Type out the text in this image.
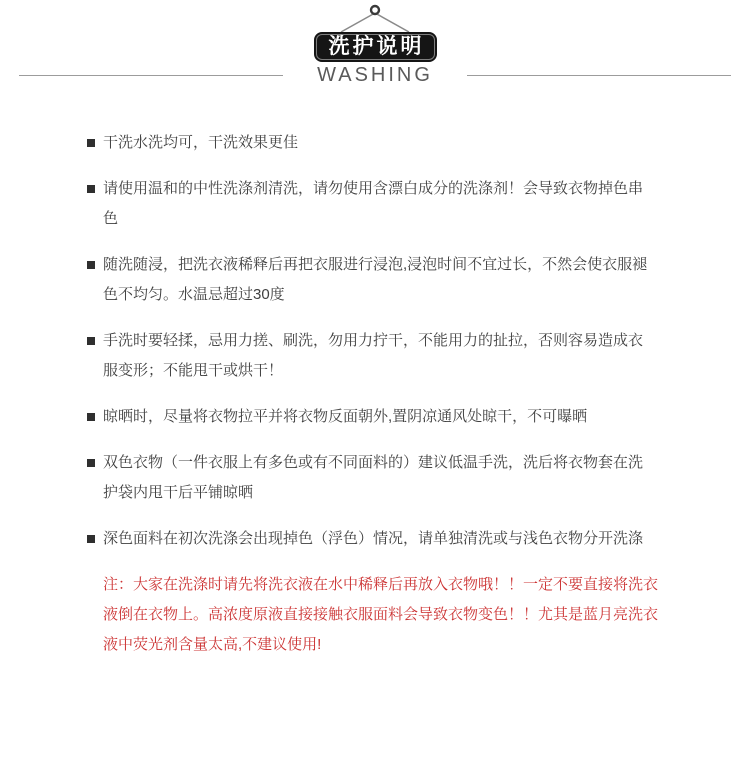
洗护说明
WASHING
干洗水洗均可，干洗效果更佳
请使用温和的中性洗涤剂清洗，请勿使用含漂白成分的洗涤剂！会导致衣物掉色串色
随洗随浸，把洗衣液稀释后再把衣服进行浸泡,浸泡时间不宜过长，不然会使衣服褪色不均匀。水温忌超过30度
手洗时要轻揉，忌用力搓、刷洗，勿用力拧干，不能用力的扯拉，否则容易造成衣服变形；不能甩干或烘干！
晾晒时，尽量将衣物拉平并将衣物反面朝外,置阴凉通风处晾干，不可曝晒
双色衣物（一件衣服上有多色或有不同面料的）建议低温手洗，洗后将衣物套在洗护袋内甩干后平铺晾晒
深色面料在初次洗涤会出现掉色（浮色）情况，请单独清洗或与浅色衣物分开洗涤
注：大家在洗涤时请先将洗衣液在水中稀释后再放入衣物哦！！一定不要直接将洗衣
液倒在衣物上。高浓度原液直接接触衣服面料会导致衣物变色！！尤其是蓝月亮洗衣
液中荧光剂含量太高,不建议使用!
